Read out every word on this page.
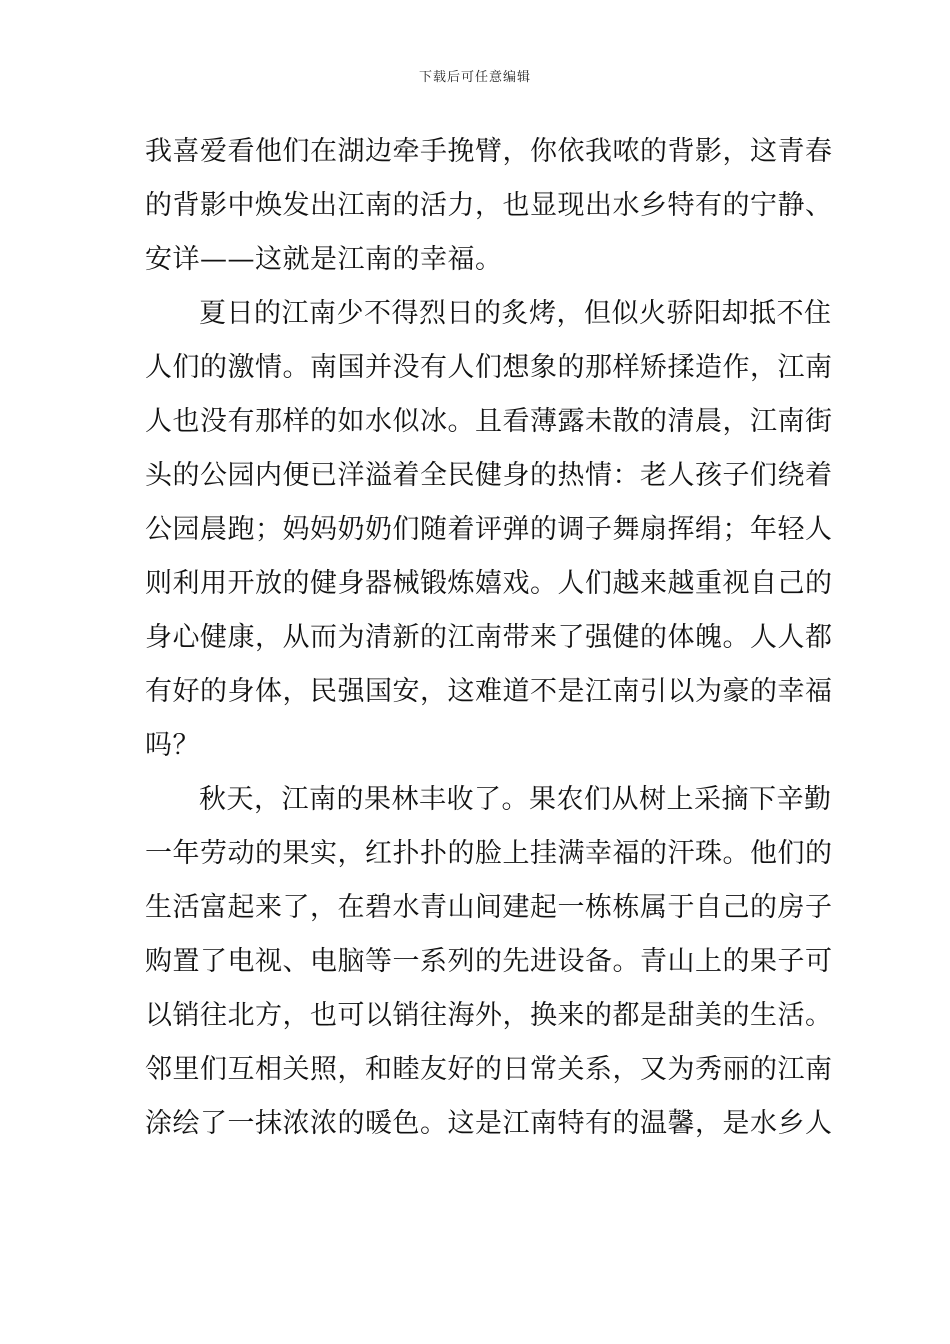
下载后可任意编辑
我喜爱看他们在湖边牵手挽臂，你依我哝的背影，这青春
的背影中焕发出江南的活力，也显现出水乡特有的宁静、
安详——这就是江南的幸福。
夏日的江南少不得烈日的炙烤，但似火骄阳却抵不住
人们的激情。南国并没有人们想象的那样矫揉造作，江南
人也没有那样的如水似冰。且看薄露未散的清晨，江南街
头的公园内便已洋溢着全民健身的热情：老人孩子们绕着
公园晨跑；妈妈奶奶们随着评弹的调子舞扇挥绢；年轻人
则利用开放的健身器械锻炼嬉戏。人们越来越重视自己的
身心健康，从而为清新的江南带来了强健的体魄。人人都
有好的身体，民强国安，这难道不是江南引以为豪的幸福
吗？
秋天，江南的果林丰收了。果农们从树上采摘下辛勤
一年劳动的果实，红扑扑的脸上挂满幸福的汗珠。他们的
生活富起来了，在碧水青山间建起一栋栋属于自己的房子
购置了电视、电脑等一系列的先进设备。青山上的果子可
以销往北方，也可以销往海外，换来的都是甜美的生活。
邻里们互相关照，和睦友好的日常关系，又为秀丽的江南
涂绘了一抹浓浓的暖色。这是江南特有的温馨，是水乡人
